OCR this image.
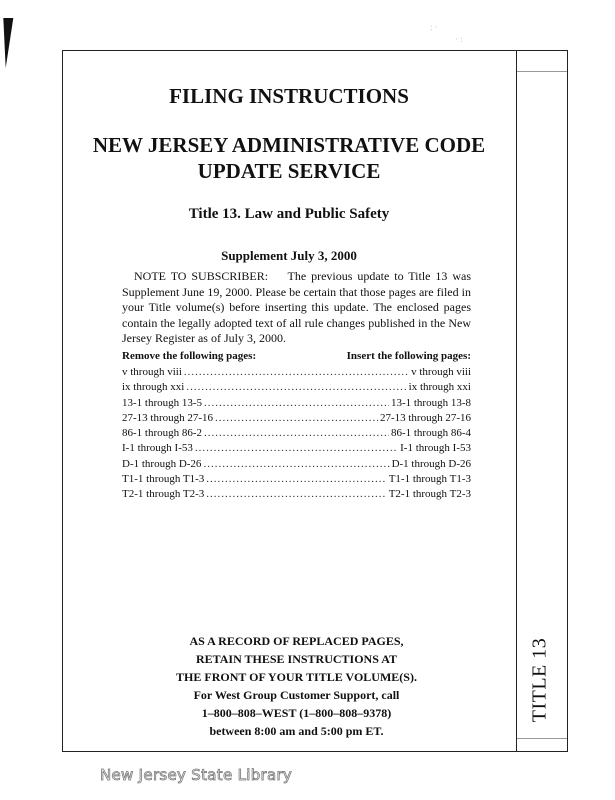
: ·
· :
TITLE 13
FILING INSTRUCTIONS
NEW JERSEY ADMINISTRATIVE CODE
UPDATE SERVICE
Title 13. Law and Public Safety
Supplement July 3, 2000
NOTE TO SUBSCRIBER: The previous update to Title 13 was Supplement June 19, 2000. Please be certain that those pages are filed in your Title volume(s) before inserting this update. The enclosed pages contain the legally adopted text of all rule changes published in the New Jersey Register as of July 3, 2000.
Remove the following pages:	Insert the following pages:
v through viii .....	v through viii
ix through xxi .....	ix through xxi
13-1 through 13-5 .....	13-1 through 13-8
27-13 through 27-16 .....	27-13 through 27-16
86-1 through 86-2 .....	86-1 through 86-4
I-1 through I-53 .....	I-1 through I-53
D-1 through D-26 .....	D-1 through D-26
T1-1 through T1-3 .....	T1-1 through T1-3
T2-1 through T2-3 .....	T2-1 through T2-3
AS A RECORD OF REPLACED PAGES,
RETAIN THESE INSTRUCTIONS AT
THE FRONT OF YOUR TITLE VOLUME(S).
For West Group Customer Support, call
1–800–808–WEST (1–800–808–9378)
between 8:00 am and 5:00 pm ET.
New Jersey State Library
